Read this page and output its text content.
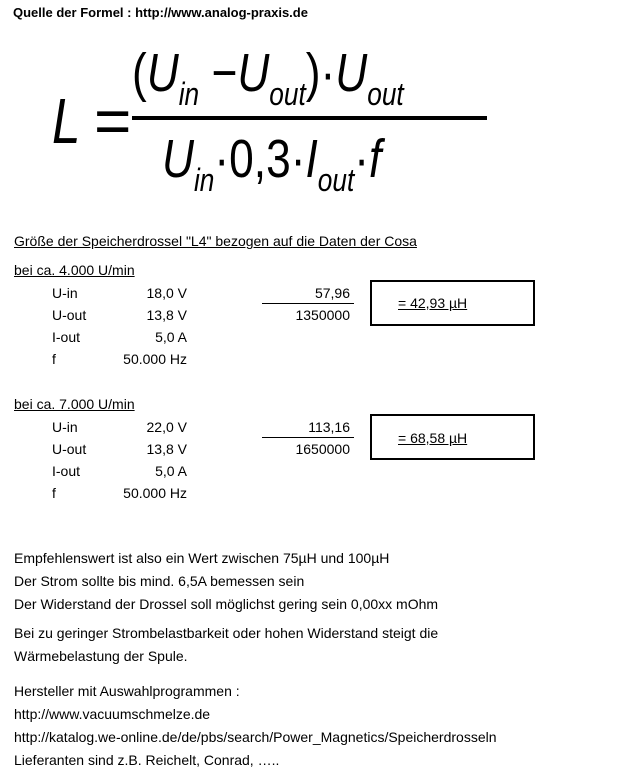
Quelle der Formel : http://www.analog-praxis.de
L =
$(U_{in} -U_{out})\cdot U_{out}$
$U_{in}\cdot 0,3\cdot I_{out}\cdot f$
Größe der Speicherdrossel "L4" bezogen auf die Daten der Cosa
bei ca. 4.000 U/min
U-in	18,0 V
U-out	13,8 V
I-out	5,0 A
f	50.000 Hz
57,96
1350000
= 42,93 µH
bei ca. 7.000 U/min
U-in	22,0 V
U-out	13,8 V
I-out	5,0 A
f	50.000 Hz
113,16
1650000
= 68,58 µH
Empfehlenswert ist also ein Wert zwischen 75µH und 100µH
Der Strom sollte bis mind. 6,5A bemessen sein
Der Widerstand der Drossel soll möglichst gering sein 0,00xx mOhm
Bei zu geringer Strombelastbarkeit oder hohen Widerstand steigt die
Wärmebelastung der Spule.
Hersteller mit Auswahlprogrammen :
http://www.vacuumschmelze.de
http://katalog.we-online.de/de/pbs/search/Power_Magnetics/Speicherdrosseln
Lieferanten sind z.B. Reichelt, Conrad, …..
